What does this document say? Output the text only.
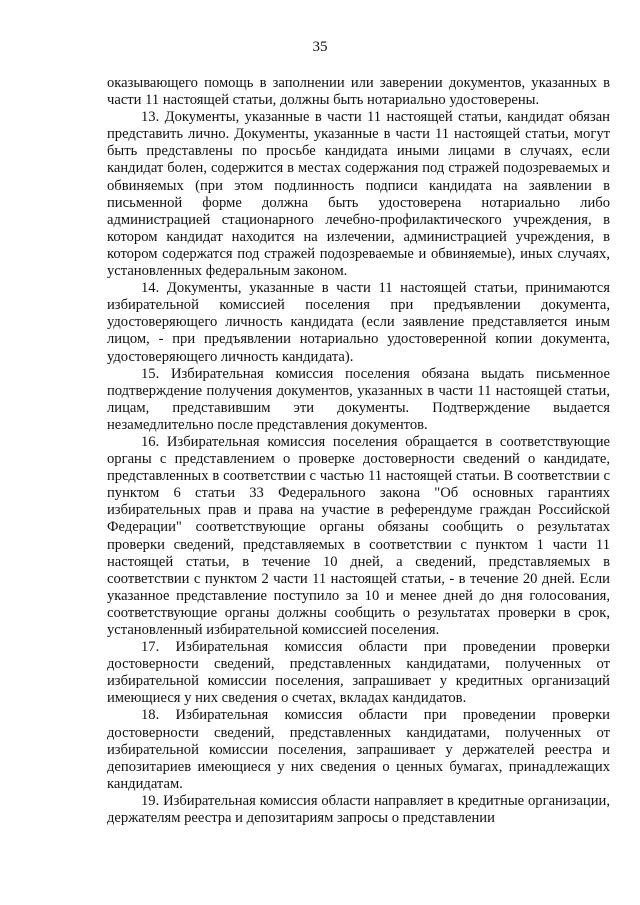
35

оказывающего помощь в заполнении или заверении документов, указанных в части 11 настоящей статьи, должны быть нотариально удостоверены.

13. Документы, указанные в части 11 настоящей статьи, кандидат обязан представить лично. Документы, указанные в части 11 настоящей статьи, могут быть представлены по просьбе кандидата иными лицами в случаях, если кандидат болен, содержится в местах содержания под стражей подозреваемых и обвиняемых (при этом подлинность подписи кандидата на заявлении в письменной форме должна быть удостоверена нотариально либо администрацией стационарного лечебно-профилактического учреждения, в котором кандидат находится на излечении, администрацией учреждения, в котором содержатся под стражей подозреваемые и обвиняемые), иных случаях, установленных федеральным законом.

14. Документы, указанные в части 11 настоящей статьи, принимаются избирательной комиссией поселения при предъявлении документа, удостоверяющего личность кандидата (если заявление представляется иным лицом, - при предъявлении нотариально удостоверенной копии документа, удостоверяющего личность кандидата).

15. Избирательная комиссия поселения обязана выдать письменное подтверждение получения документов, указанных в части 11 настоящей статьи, лицам, представившим эти документы. Подтверждение выдается незамедлительно после представления документов.

16. Избирательная комиссия поселения обращается в соответствующие органы с представлением о проверке достоверности сведений о кандидате, представленных в соответствии с частью 11 настоящей статьи. В соответствии с пунктом 6 статьи 33 Федерального закона "Об основных гарантиях избирательных прав и права на участие в референдуме граждан Российской Федерации" соответствующие органы обязаны сообщить о результатах проверки сведений, представляемых в соответствии с пунктом 1 части 11 настоящей статьи, в течение 10 дней, а сведений, представляемых в соответствии с пунктом 2 части 11 настоящей статьи, - в течение 20 дней. Если указанное представление поступило за 10 и менее дней до дня голосования, соответствующие органы должны сообщить о результатах проверки в срок, установленный избирательной комиссией поселения.

17. Избирательная комиссия области при проведении проверки достоверности сведений, представленных кандидатами, полученных от избирательной комиссии поселения, запрашивает у кредитных организаций имеющиеся у них сведения о счетах, вкладах кандидатов.

18. Избирательная комиссия области при проведении проверки достоверности сведений, представленных кандидатами, полученных от избирательной комиссии поселения, запрашивает у держателей реестра и депозитариев имеющиеся у них сведения о ценных бумагах, принадлежащих кандидатам.

19. Избирательная комиссия области направляет в кредитные организации, держателям реестра и депозитариям запросы о представлении
